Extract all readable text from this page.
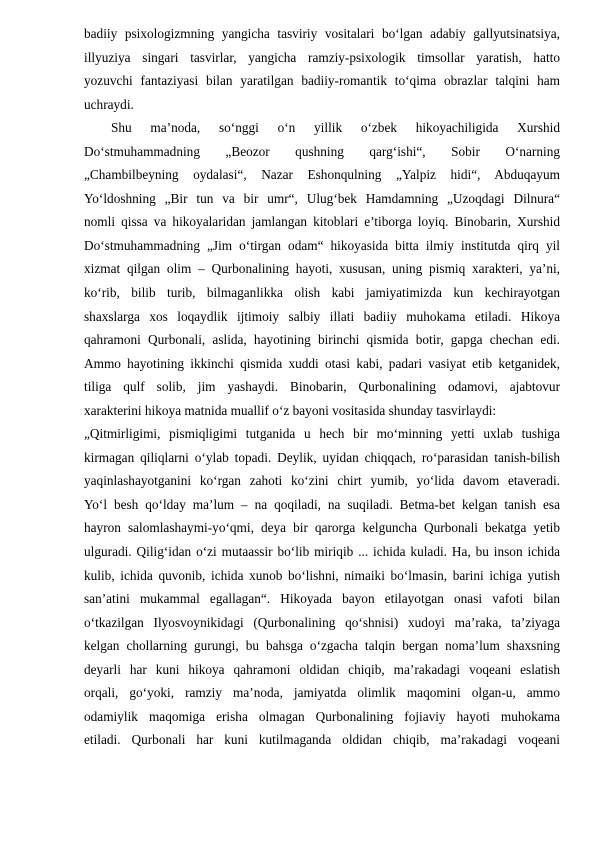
badiiy psixologizmning yangicha tasviriy vositalari bo‘lgan adabiy gallyutsinatsiya,
illyuziya singari tasvirlar, yangicha ramziy-psixologik timsollar yaratish, hatto
yozuvchi fantaziyasi bilan yaratilgan badiiy-romantik to‘qima obrazlar talqini ham
uchraydi.

Shu ma’noda, so‘nggi o‘n yillik o‘zbek hikoyachiligida Xurshid
Do‘stmuhammadning „Beozor qushning qarg‘ishi“, Sobir O‘narning
„Chambilbeyning oydalasi“, Nazar Eshonqulning „Yalpiz hidi“, Abduqayum
Yo‘ldoshning „Bir tun va bir umr“, Ulug‘bek Hamdamning „Uzoqdagi Dilnura“
nomli qissa va hikoyalaridan jamlangan kitoblari e’tiborga loyiq. Binobarin, Xurshid
Do‘stmuhammadning „Jim o‘tirgan odam“ hikoyasida bitta ilmiy institutda qirq yil
xizmat qilgan olim – Qurbonalining hayoti, xususan, uning pismiq xarakteri, ya’ni,
ko‘rib, bilib turib, bilmaganlikka olish kabi jamiyatimizda kun kechirayotgan
shaxslarga xos loqaydlik ijtimoiy salbiy illati badiiy muhokama etiladi. Hikoya
qahramoni Qurbonali, aslida, hayotining birinchi qismida botir, gapga chechan edi.
Ammo hayotining ikkinchi qismida xuddi otasi kabi, padari vasiyat etib ketganidek,
tiliga qulf solib, jim yashaydi. Binobarin, Qurbonalining odamovi, ajabtovur
xarakterini hikoya matnida muallif o‘z bayoni vositasida shunday tasvirlaydi:

„Qitmirligimi, pismiqligimi tutganida u hech bir mo‘minning yetti uxlab tushiga
kirmagan qiliqlarni o‘ylab topadi. Deylik, uyidan chiqqach, ro‘parasidan tanish-bilish
yaqinlashayotganini ko‘rgan zahoti ko‘zini chirt yumib, yo‘lida davom etaveradi.
Yo‘l besh qo‘lday ma’lum – na qoqiladi, na suqiladi. Betma-bet kelgan tanish esa
hayron salomlashaymi-yo‘qmi, deya bir qarorga kelguncha Qurbonali bekatga yetib
ulguradi. Qilig‘idan o‘zi mutaassir bo‘lib miriqib ... ichida kuladi. Ha, bu inson ichida
kulib, ichida quvonib, ichida xunob bo‘lishni, nimaiki bo‘lmasin, barini ichiga yutish
san’atini mukammal egallagan“. Hikoyada bayon etilayotgan onasi vafoti bilan
o‘tkazilgan Ilyosvoynikidagi (Qurbonalining qo‘shnisi) xudoyi ma’raka, ta’ziyaga
kelgan chollarning gurungi, bu bahsga o‘zgacha talqin bergan noma’lum shaxsning
deyarli har kuni hikoya qahramoni oldidan chiqib, ma’rakadagi voqeani eslatish
orqali, go‘yoki, ramziy ma’noda, jamiyatda olimlik maqomini olgan-u, ammo
odamiylik maqomiga erisha olmagan Qurbonalining fojiaviy hayoti muhokama
etiladi. Qurbonali har kuni kutilmaganda oldidan chiqib, ma’rakadagi voqeani
